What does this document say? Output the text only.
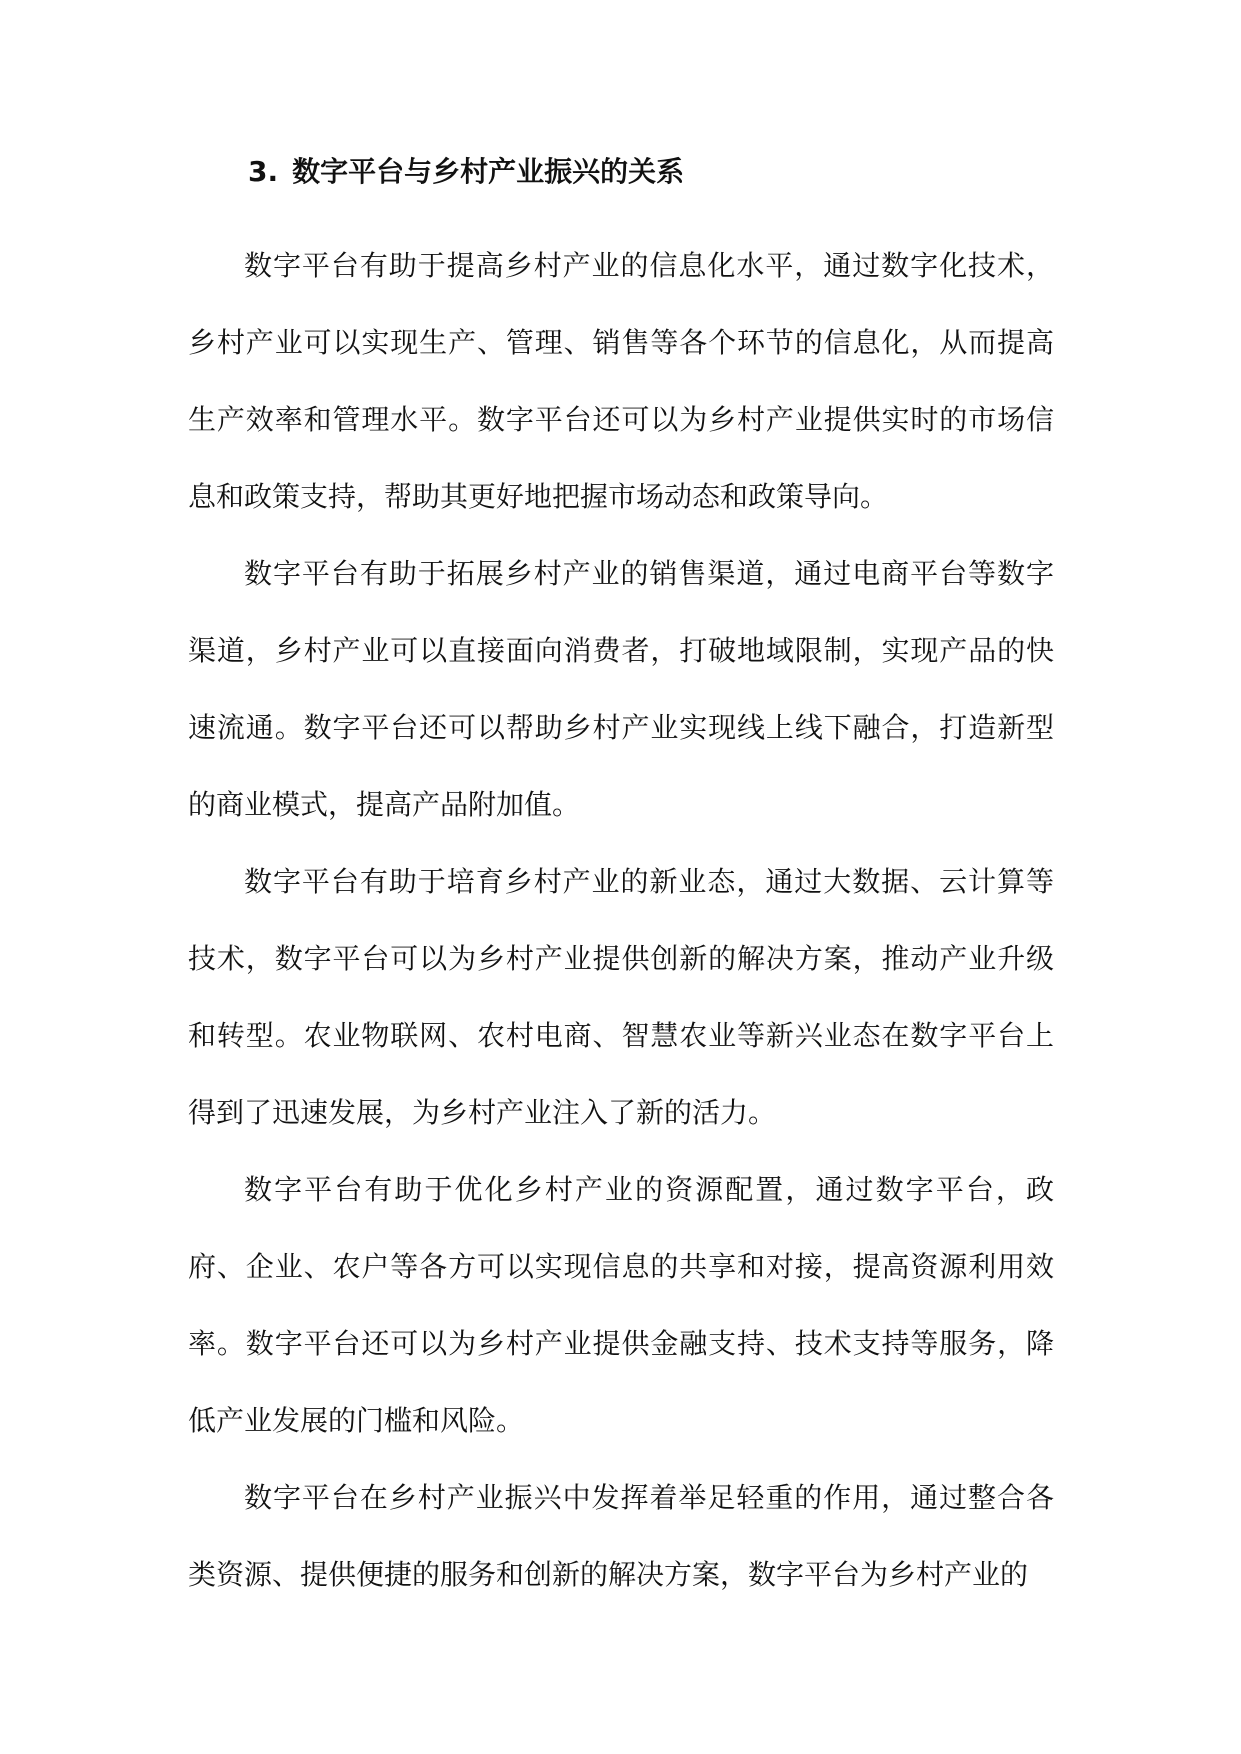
3. 数字平台与乡村产业振兴的关系

数字平台有助于提高乡村产业的信息化水平，通过数字化技术，乡村产业可以实现生产、管理、销售等各个环节的信息化，从而提高生产效率和管理水平。数字平台还可以为乡村产业提供实时的市场信息和政策支持，帮助其更好地把握市场动态和政策导向。

数字平台有助于拓展乡村产业的销售渠道，通过电商平台等数字渠道，乡村产业可以直接面向消费者，打破地域限制，实现产品的快速流通。数字平台还可以帮助乡村产业实现线上线下融合，打造新型的商业模式，提高产品附加值。

数字平台有助于培育乡村产业的新业态，通过大数据、云计算等技术，数字平台可以为乡村产业提供创新的解决方案，推动产业升级和转型。农业物联网、农村电商、智慧农业等新兴业态在数字平台上得到了迅速发展，为乡村产业注入了新的活力。

数字平台有助于优化乡村产业的资源配置，通过数字平台，政府、企业、农户等各方可以实现信息的共享和对接，提高资源利用效率。数字平台还可以为乡村产业提供金融支持、技术支持等服务，降低产业发展的门槛和风险。

数字平台在乡村产业振兴中发挥着举足轻重的作用，通过整合各类资源、提供便捷的服务和创新的解决方案，数字平台为乡村产业的
